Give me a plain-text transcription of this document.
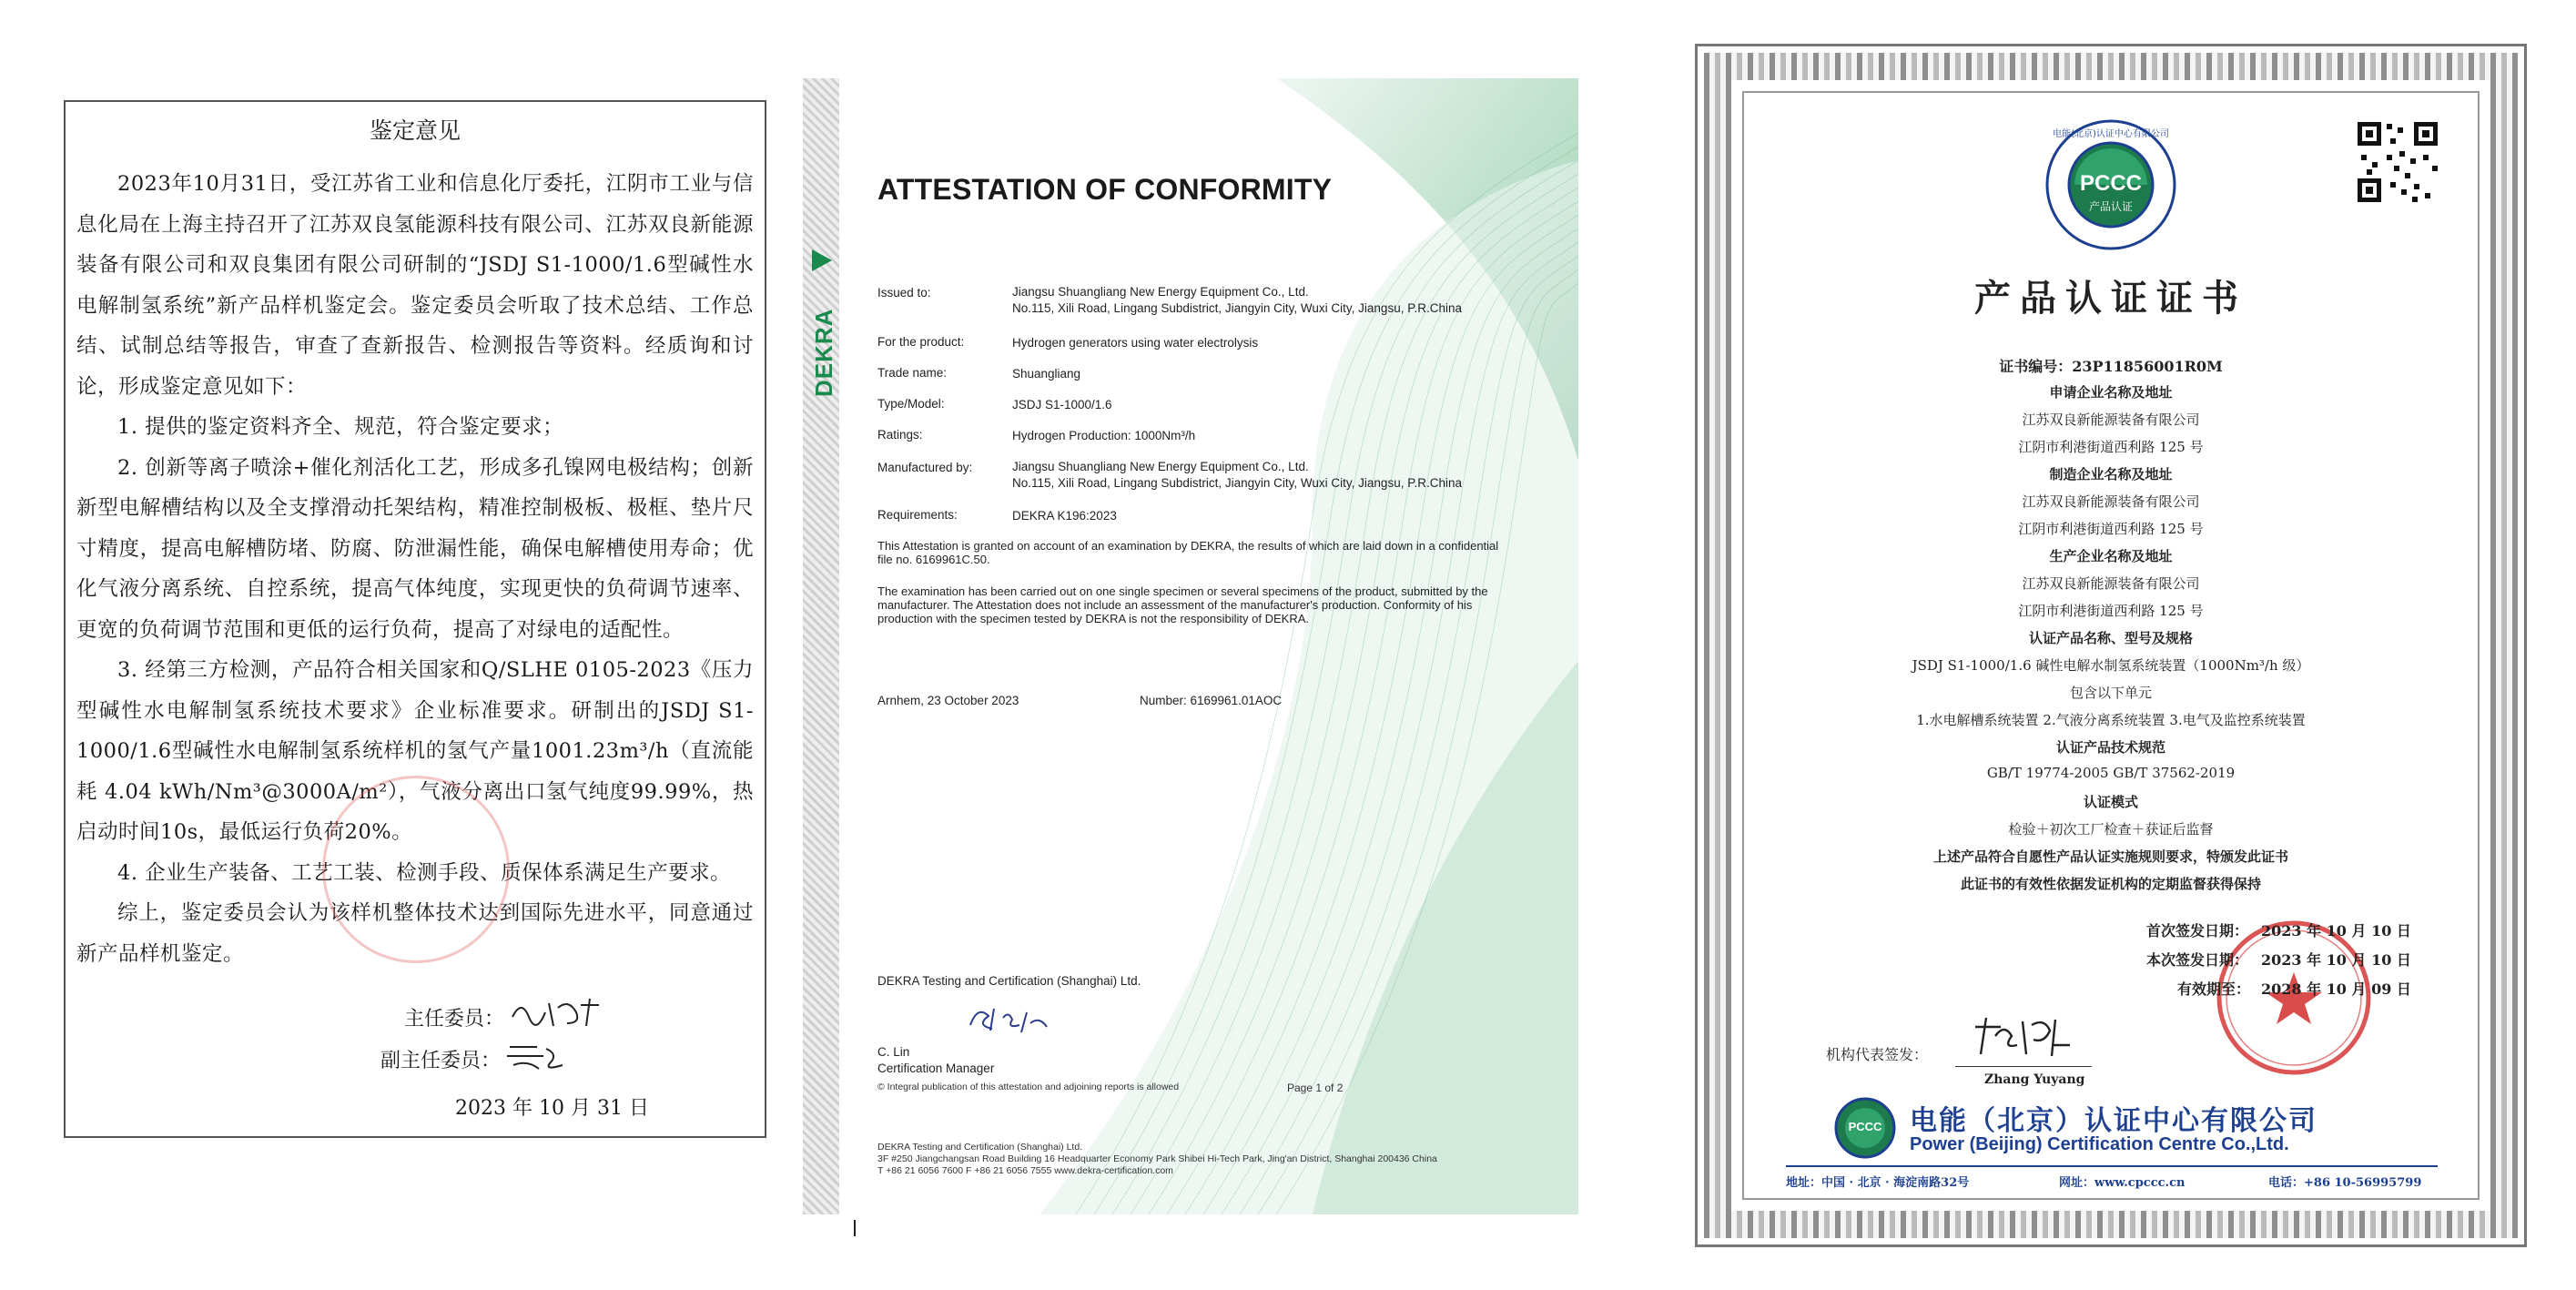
鉴定意见

2023年10月31日，受江苏省工业和信息化厅委托，江阴市工业与信息化局在上海主持召开了江苏双良氢能源科技有限公司、江苏双良新能源装备有限公司和双良集团有限公司研制的“JSDJ S1-1000/1.6型碱性水电解制氢系统”新产品样机鉴定会。鉴定委员会听取了技术总结、工作总结、试制总结等报告，审查了查新报告、检测报告等资料。经质询和讨论，形成鉴定意见如下：

1. 提供的鉴定资料齐全、规范，符合鉴定要求；

2. 创新等离子喷涂+催化剂活化工艺，形成多孔镍网电极结构；创新新型电解槽结构以及全支撑滑动托架结构，精准控制极板、极框、垫片尺寸精度，提高电解槽防堵、防腐、防泄漏性能，确保电解槽使用寿命；优化气液分离系统、自控系统，提高气体纯度，实现更快的负荷调节速率、更宽的负荷调节范围和更低的运行负荷，提高了对绿电的适配性。

3. 经第三方检测，产品符合相关国家和Q/SLHE 0105-2023《压力型碱性水电解制氢系统技术要求》企业标准要求。研制出的JSDJ S1-1000/1.6型碱性水电解制氢系统样机的氢气产量1001.23m³/h（直流能耗 4.04 kWh/Nm³@3000A/m²），气液分离出口氢气纯度99.99%，热启动时间10s，最低运行负荷20%。

4. 企业生产装备、工艺工装、检测手段、质保体系满足生产要求。

综上，鉴定委员会认为该样机整体技术达到国际先进水平，同意通过新产品样机鉴定。

主任委员：
副主任委员：
2023 年 10 月 31 日
DEKRA
ATTESTATION OF CONFORMITY
Issued to:	Jiangsu Shuangliang New Energy Equipment Co., Ltd.
No.115, Xili Road, Lingang Subdistrict, Jiangyin City, Wuxi City, Jiangsu, P.R.China
For the product:	Hydrogen generators using water electrolysis
Trade name:	Shuangliang
Type/Model:	JSDJ S1-1000/1.6
Ratings:	Hydrogen Production: 1000Nm³/h
Manufactured by:	Jiangsu Shuangliang New Energy Equipment Co., Ltd.
No.115, Xili Road, Lingang Subdistrict, Jiangyin City, Wuxi City, Jiangsu, P.R.China
Requirements:	DEKRA K196:2023
This Attestation is granted on account of an examination by DEKRA, the results of which are laid down in a confidential file no. 6169961C.50.
The examination has been carried out on one single specimen or several specimens of the product, submitted by the manufacturer. The Attestation does not include an assessment of the manufacturer's production. Conformity of his production with the specimen tested by DEKRA is not the responsibility of DEKRA.
Arnhem, 23 October 2023	Number: 6169961.01AOC
DEKRA Testing and Certification (Shanghai) Ltd.
C. Lin
Certification Manager
© Integral publication of this attestation and adjoining reports is allowed	Page 1 of 2
DEKRA Testing and Certification (Shanghai) Ltd.
3F #250 Jiangchangsan Road Building 16 Headquarter Economy Park Shibei Hi-Tech Park, Jing'an District, Shanghai 200436 China
T +86 21 6056 7600 F +86 21 6056 7555 www.dekra-certification.com
PCCC
产品认证
电能(北京)认证中心有限公司
产品认证证书
证书编号：23P11856001R0M
申请企业名称及地址
江苏双良新能源装备有限公司
江阴市利港街道西利路 125 号
制造企业名称及地址
江苏双良新能源装备有限公司
江阴市利港街道西利路 125 号
生产企业名称及地址
江苏双良新能源装备有限公司
江阴市利港街道西利路 125 号
认证产品名称、型号及规格
JSDJ S1-1000/1.6 碱性电解水制氢系统装置（1000Nm³/h 级）
包含以下单元
1.水电解槽系统装置 2.气液分离系统装置 3.电气及监控系统装置
认证产品技术规范
GB/T 19774-2005 GB/T 37562-2019
认证模式
检验＋初次工厂检查＋获证后监督
上述产品符合自愿性产品认证实施规则要求，特颁发此证书
此证书的有效性依据发证机构的定期监督获得保持
首次签发日期： 2023 年 10 月 10 日
本次签发日期： 2023 年 10 月 10 日
有效期至： 2028 年 10 月 09 日
机构代表签发：
Zhang Yuyang
PCCC	电能（北京）认证中心有限公司
Power (Beijing) Certification Centre Co.,Ltd.
地址：中国 · 北京 · 海淀南路32号	网址：www.cpccc.cn	电话：+86 10-56995799
